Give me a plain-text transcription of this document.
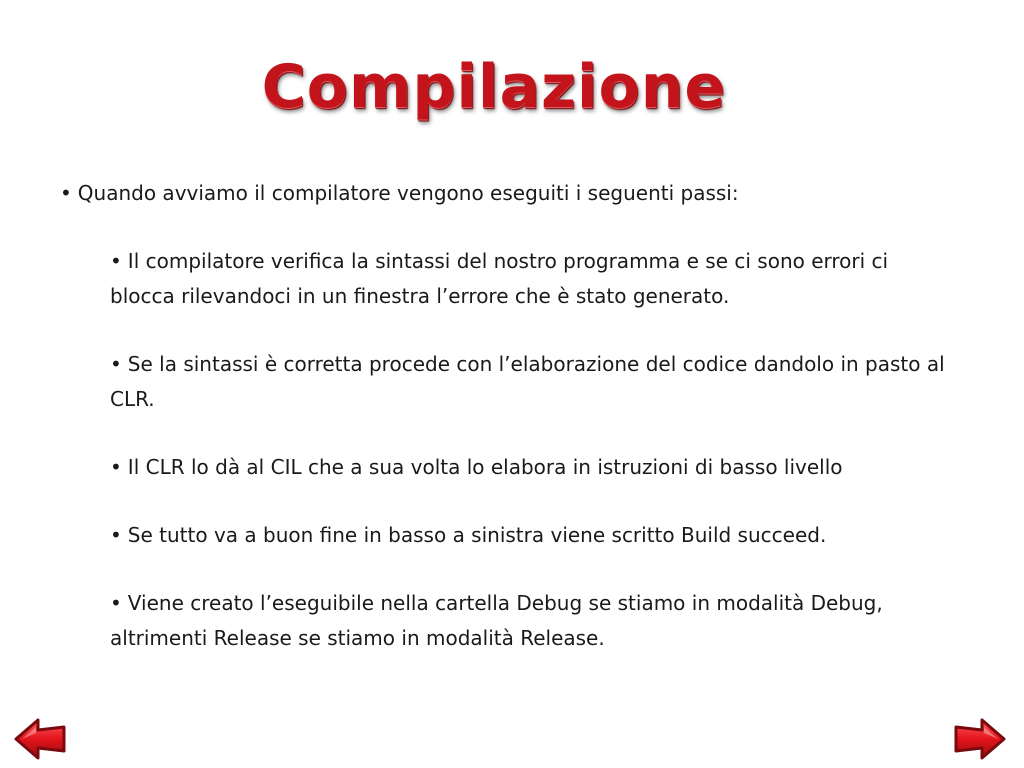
Compilazione

• Quando avviamo il compilatore vengono eseguiti i seguenti passi:

• Il compilatore verifica la sintassi del nostro programma e se ci sono errori ci blocca rilevandoci in un finestra l’errore che è stato generato.

• Se la sintassi è corretta procede con l’elaborazione del codice dandolo in pasto al CLR.

• Il CLR lo dà al CIL che a sua volta lo elabora in istruzioni di basso livello

• Se tutto va a buon fine in basso a sinistra viene scritto Build succeed.

• Viene creato l’eseguibile nella cartella Debug se stiamo in modalità Debug, altrimenti Release se stiamo in modalità Release.
